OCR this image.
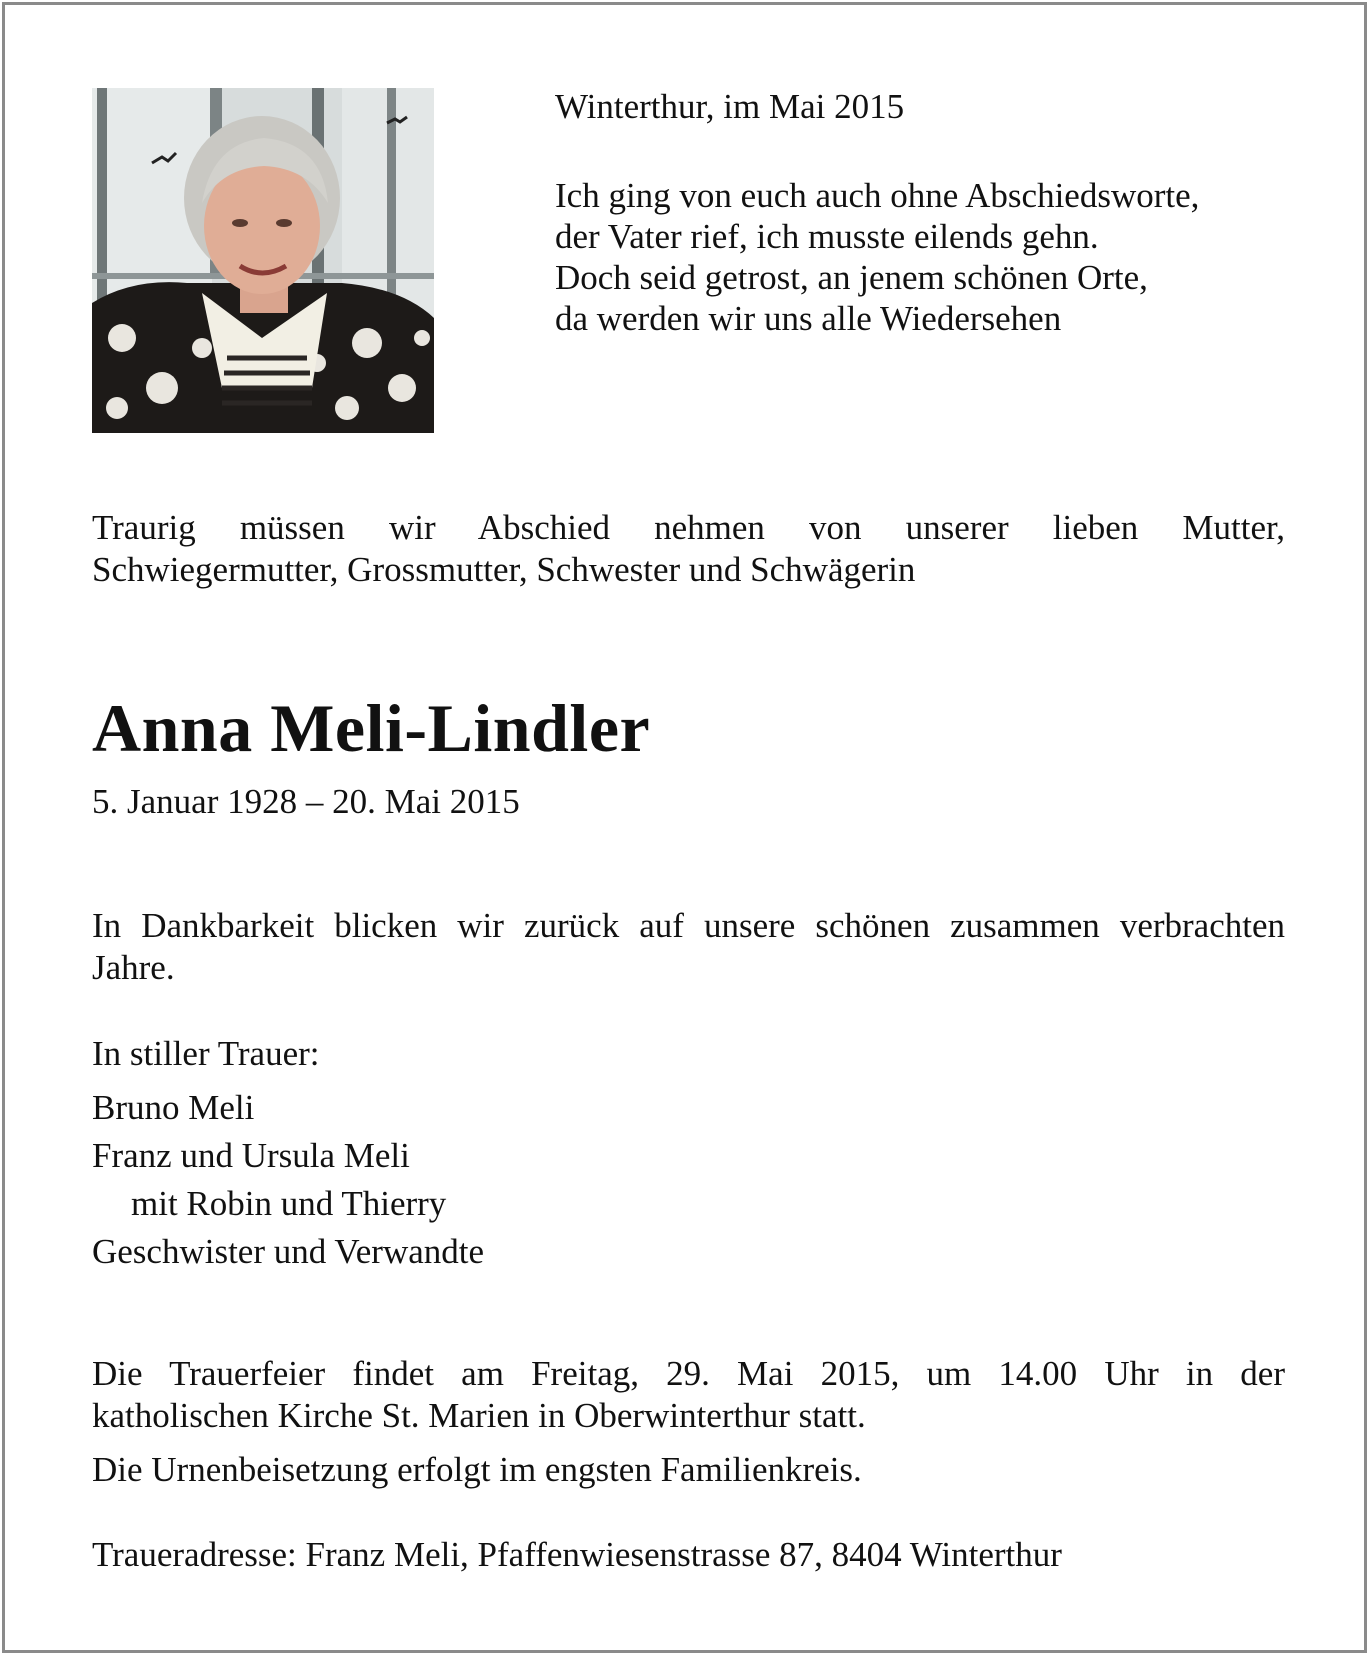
Winterthur, im Mai 2015
Ich ging von euch auch ohne Abschiedsworte,
der Vater rief, ich musste eilends gehn.
Doch seid getrost, an jenem schönen Orte,
da werden wir uns alle Wiedersehen
Traurig müssen wir Abschied nehmen von unserer lieben Mutter,
Schwiegermutter, Grossmutter, Schwester und Schwägerin
Anna Meli-Lindler
5. Januar 1928 – 20. Mai 2015
In Dankbarkeit blicken wir zurück auf unsere schönen zusammen verbrachten
Jahre.
In stiller Trauer:
Bruno Meli
Franz und Ursula Meli
mit Robin und Thierry
Geschwister und Verwandte
Die Trauerfeier findet am Freitag, 29. Mai 2015, um 14.00 Uhr in der
katholischen Kirche St. Marien in Oberwinterthur statt.
Die Urnenbeisetzung erfolgt im engsten Familienkreis.
Traueradresse: Franz Meli, Pfaffenwiesenstrasse 87, 8404 Winterthur
